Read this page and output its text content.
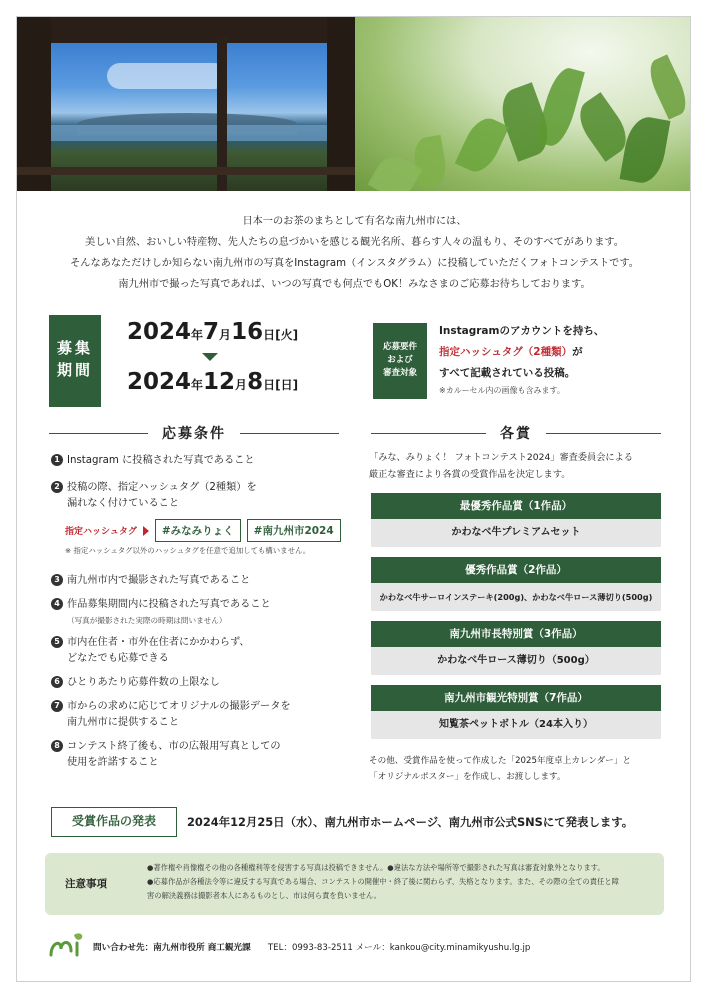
日本一のお茶のまちとして有名な南九州市には、
美しい自然、おいしい特産物、先人たちの息づかいを感じる観光名所、暮らす人々の温もり、そのすべてがあります。
そんなあなただけしか知らない南九州市の写真をInstagram（インスタグラム）に投稿していただくフォトコンテストです。
南九州市で撮った写真であれば、いつの写真でも何点でもOK！みなさまのご応募お待ちしております。
募集
期間
2024年7月16日[火]
2024年12月8日[日]
応募要件
および
審査対象
Instagramのアカウントを持ち、
指定ハッシュタグ（2種類）が
すべて記載されている投稿。
※カルーセル内の画像も含みます。
応募条件
1 Instagram に投稿された写真であること
2 投稿の際、指定ハッシュタグ（2種類）を
漏れなく付けていること
指定ハッシュタグ	#みなみりょく	#南九州市2024
※ 指定ハッシュタグ以外のハッシュタグを任意で追加しても構いません。
3 南九州市内で撮影された写真であること
4 作品募集期間内に投稿された写真であること
（写真が撮影された実際の時期は問いません）
5 市内在住者・市外在住者にかかわらず、
どなたでも応募できる
6 ひとりあたり応募件数の上限なし
7 市からの求めに応じてオリジナルの撮影データを
南九州市に提供すること
8 コンテスト終了後も、市の広報用写真としての
使用を許諾すること
各賞
「みな、みりょく！ フォトコンテスト2024」審査委員会による
厳正な審査により各賞の受賞作品を決定します。
最優秀作品賞（1作品）
かわなべ牛プレミアムセット
優秀作品賞（2作品）
かわなべ牛サーロインステーキ(200g)、かわなべ牛ロース薄切り(500g)
南九州市長特別賞（3作品）
かわなべ牛ロース薄切り（500g）
南九州市観光特別賞（7作品）
知覧茶ペットボトル（24本入り）
その他、受賞作品を使って作成した「2025年度卓上カレンダー」と
「オリジナルポスター」を作成し、お渡しします。
受賞作品の発表	2024年12月25日（水）、南九州市ホームページ、南九州市公式SNSにて発表します。
注意事項
●著作権や肖像権その他の各種権利等を侵害する写真は投稿できません。●違法な方法や場所等で撮影された写真は審査対象外となります。
●応募作品が各種法令等に違反する写真である場合、コンテストの開催中・終了後に関わらず、失格となります。また、その際の全ての責任と障
害の解決義務は撮影者本人にあるものとし、市は何ら責を負いません。
問い合わせ先：南九州市役所 商工観光課　　 TEL：0993-83-2511 メール：kankou@city.minamikyushu.lg.jp
